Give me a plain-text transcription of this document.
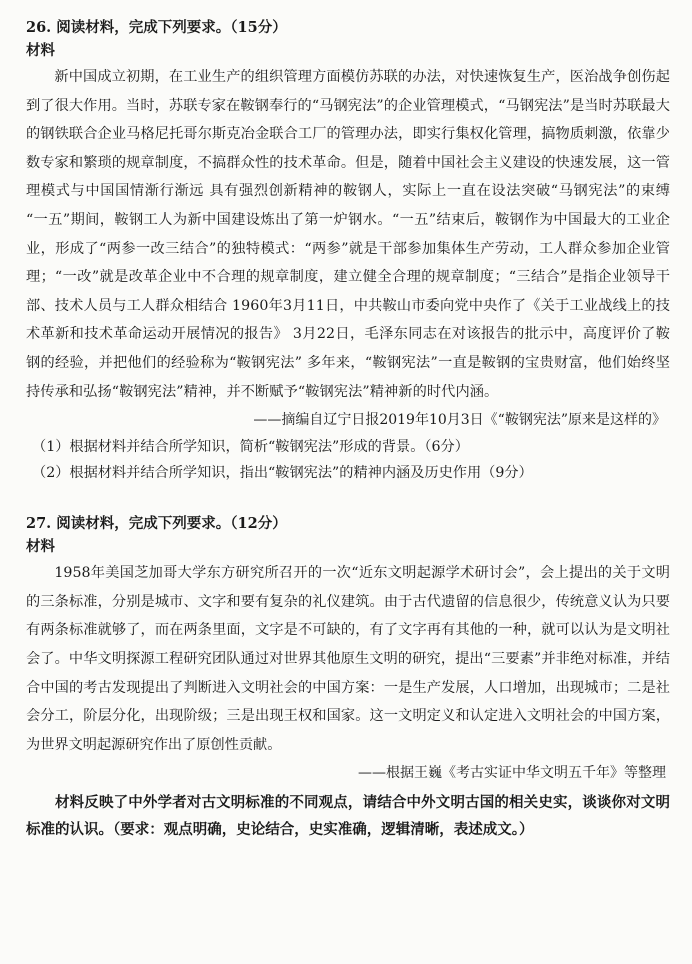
26. 阅读材料，完成下列要求。（15分）

材料

新中国成立初期，在工业生产的组织管理方面模仿苏联的办法，对快速恢复生产，医治战争创伤起到了很大作用。当时，苏联专家在鞍钢奉行的“马钢宪法”的企业管理模式，“马钢宪法”是当时苏联最大的钢铁联合企业马格尼托哥尔斯克冶金联合工厂的管理办法，即实行集权化管理，搞物质刺激，依靠少数专家和繁琐的规章制度，不搞群众性的技术革命。但是，随着中国社会主义建设的快速发展，这一管理模式与中国国情渐行渐远 具有强烈创新精神的鞍钢人，实际上一直在设法突破“马钢宪法”的束缚 “一五”期间，鞍钢工人为新中国建设炼出了第一炉钢水。“一五”结束后，鞍钢作为中国最大的工业企业，形成了“两参一改三结合”的独特模式：“两参”就是干部参加集体生产劳动，工人群众参加企业管理；“一改”就是改革企业中不合理的规章制度，建立健全合理的规章制度；“三结合”是指企业领导干部、技术人员与工人群众相结合 1960年3月11日，中共鞍山市委向党中央作了《关于工业战线上的技术革新和技术革命运动开展情况的报告》 3月22日，毛泽东同志在对该报告的批示中，高度评价了鞍钢的经验，并把他们的经验称为“鞍钢宪法” 多年来，“鞍钢宪法”一直是鞍钢的宝贵财富，他们始终坚持传承和弘扬“鞍钢宪法”精神，并不断赋予“鞍钢宪法”精神新的时代内涵。

——摘编自辽宁日报2019年10月3日《“鞍钢宪法”原来是这样的》

（1）根据材料并结合所学知识，简析“鞍钢宪法”形成的背景。（6分）

（2）根据材料并结合所学知识，指出“鞍钢宪法”的精神内涵及历史作用（9分）

27. 阅读材料，完成下列要求。（12分）

材料

1958年美国芝加哥大学东方研究所召开的一次“近东文明起源学术研讨会”，会上提出的关于文明的三条标准，分别是城市、文字和要有复杂的礼仪建筑。由于古代遗留的信息很少，传统意义认为只要有两条标准就够了，而在两条里面，文字是不可缺的，有了文字再有其他的一种，就可以认为是文明社会了。中华文明探源工程研究团队通过对世界其他原生文明的研究，提出“三要素”并非绝对标准，并结合中国的考古发现提出了判断进入文明社会的中国方案：一是生产发展，人口增加，出现城市；二是社会分工，阶层分化，出现阶级；三是出现王权和国家。这一文明定义和认定进入文明社会的中国方案，为世界文明起源研究作出了原创性贡献。

——根据王巍《考古实证中华文明五千年》等整理

材料反映了中外学者对古文明标准的不同观点，请结合中外文明古国的相关史实，谈谈你对文明标准的认识。（要求：观点明确，史论结合，史实准确，逻辑清晰，表述成文。）
